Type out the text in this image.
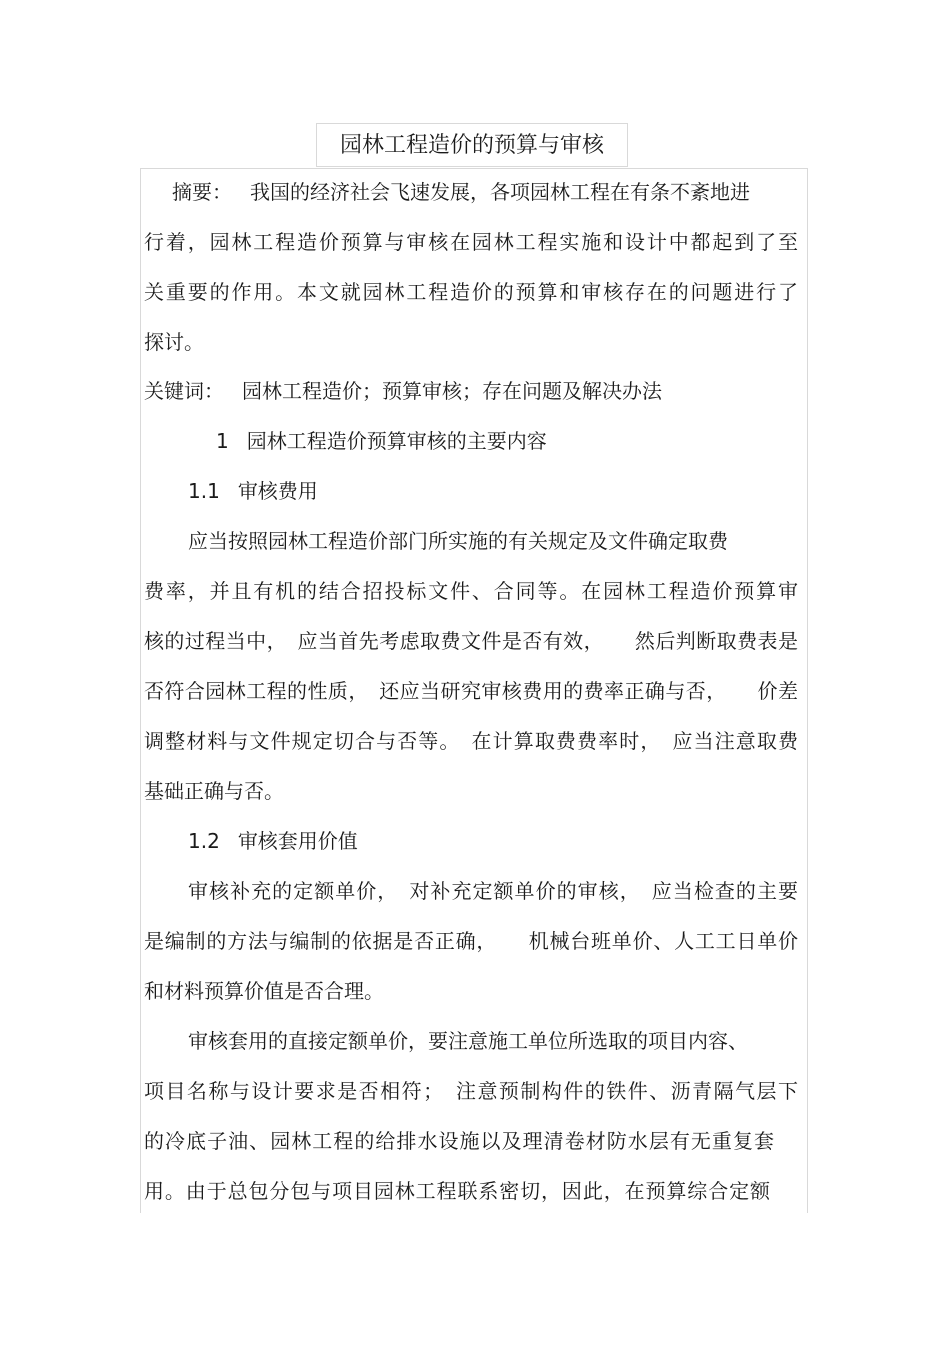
园林工程造价的预算与审核
摘要： 我国的经济社会飞速发展，各项园林工程在有条不紊地进
行着，园林工程造价预算与审核在园林工程实施和设计中都起到了至
关重要的作用。本文就园林工程造价的预算和审核存在的问题进行了
探讨。
关键词： 园林工程造价；预算审核；存在问题及解决办法
1 园林工程造价预算审核的主要内容
1.1 审核费用
应当按照园林工程造价部门所实施的有关规定及文件确定取费
费率，并且有机的结合招投标文件、合同等。在园林工程造价预算审
核的过程当中，　应当首先考虑取费文件是否有效，　　然后判断取费表是
否符合园林工程的性质，　还应当研究审核费用的费率正确与否，　　价差
调整材料与文件规定切合与否等。　在计算取费费率时，　应当注意取费
基础正确与否。
1.2 审核套用价值
审核补充的定额单价，　对补充定额单价的审核，　应当检查的主要
是编制的方法与编制的依据是否正确，　　机械台班单价、人工工日单价
和材料预算价值是否合理。
审核套用的直接定额单价，要注意施工单位所选取的项目内容、
项目名称与设计要求是否相符；　注意预制构件的铁件、沥青隔气层下
的冷底子油、园林工程的给排水设施以及理清卷材防水层有无重复套
用。由于总包分包与项目园林工程联系密切，因此，在预算综合定额
